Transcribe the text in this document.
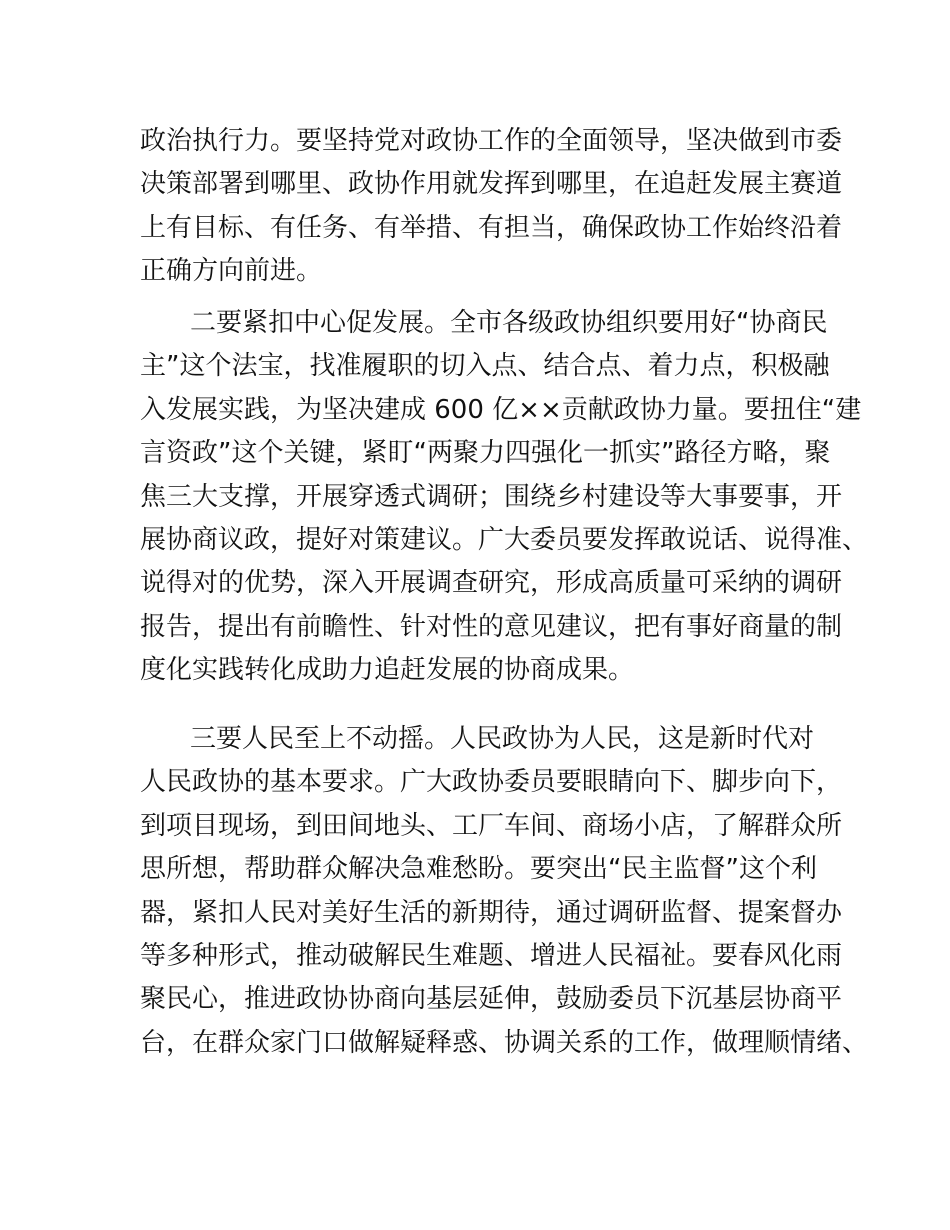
政治执行力。要坚持党对政协工作的全面领导，坚决做到市委
决策部署到哪里、政协作用就发挥到哪里，在追赶发展主赛道
上有目标、有任务、有举措、有担当，确保政协工作始终沿着
正确方向前进。
二要紧扣中心促发展。全市各级政协组织要用好“协商民
主”这个法宝，找准履职的切入点、结合点、着力点，积极融
入发展实践，为坚决建成 600 亿××贡献政协力量。要扭住“建
言资政”这个关键，紧盯“两聚力四强化一抓实”路径方略，聚
焦三大支撑，开展穿透式调研；围绕乡村建设等大事要事，开
展协商议政，提好对策建议。广大委员要发挥敢说话、说得准、
说得对的优势，深入开展调查研究，形成高质量可采纳的调研
报告，提出有前瞻性、针对性的意见建议，把有事好商量的制
度化实践转化成助力追赶发展的协商成果。
三要人民至上不动摇。人民政协为人民，这是新时代对
人民政协的基本要求。广大政协委员要眼睛向下、脚步向下，
到项目现场，到田间地头、工厂车间、商场小店，了解群众所
思所想，帮助群众解决急难愁盼。要突出“民主监督”这个利
器，紧扣人民对美好生活的新期待，通过调研监督、提案督办
等多种形式，推动破解民生难题、增进人民福祉。要春风化雨
聚民心，推进政协协商向基层延伸，鼓励委员下沉基层协商平
台，在群众家门口做解疑释惑、协调关系的工作，做理顺情绪、
